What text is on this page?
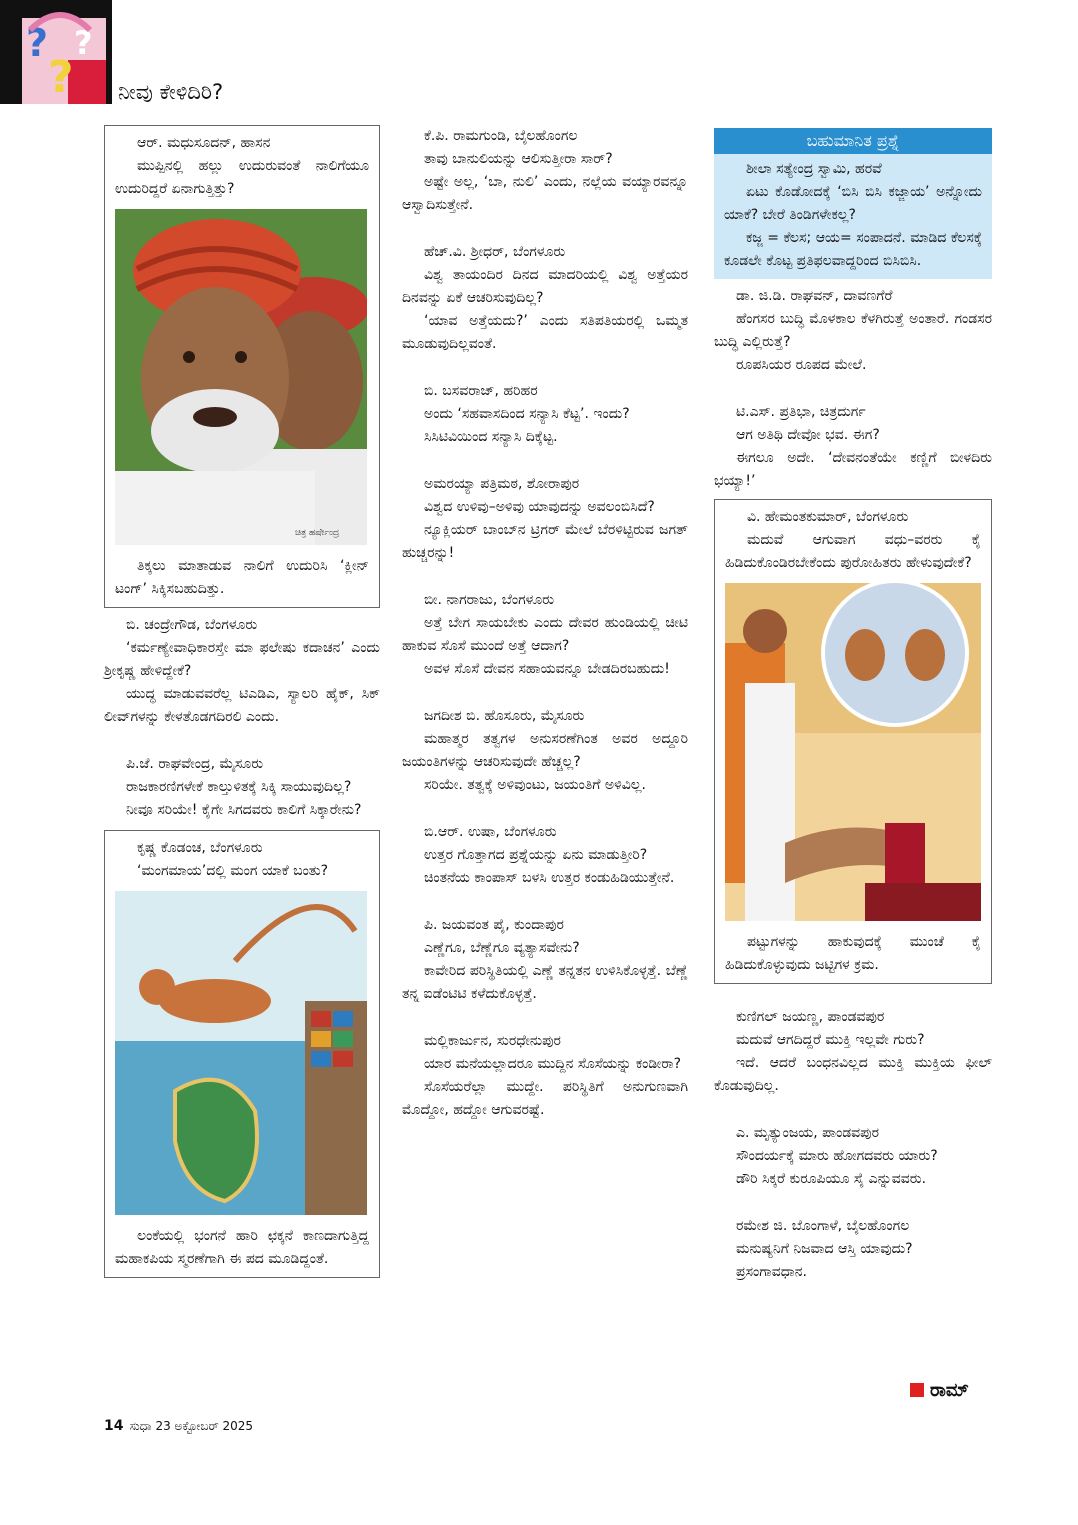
?
?
?
ನೀವು ಕೇಳಿದಿರಿ?
ಆರ್‌. ಮಧುಸೂದನ್‌, ಹಾಸನ
ಮುಪ್ಪಿನಲ್ಲಿ ಹಲ್ಲು ಉದುರುವಂತೆ ನಾಲಿಗೆಯೂ ಉದುರಿದ್ದರೆ ಏನಾಗುತ್ತಿತ್ತು?
ಚಿತ್ರ ಹರ್ಷೇಂದ್ರ
ತಿಕ್ಕಲು ಮಾತಾಡುವ ನಾಲಿಗೆ ಉದುರಿಸಿ ‘ಕ್ಲೀನ್‌ ಟಂಗ್‌’ ಸಿಕ್ಕಿಸಬಹುದಿತ್ತು.
ಬಿ. ಚಂದ್ರೇಗೌಡ, ಬೆಂಗಳೂರು
‘ಕರ್ಮಣ್ಯೇವಾಧಿಕಾರಸ್ತೇ ಮಾ ಫಲೇಷು ಕದಾಚನ’ ಎಂದು ಶ್ರೀಕೃಷ್ಣ ಹೇಳಿದ್ದೇಕೆ?
ಯುದ್ಧ ಮಾಡುವವರೆಲ್ಲ ಟಿಎಡಿಎ, ಸ್ಯಾಲರಿ ಹೈಕ್‌, ಸಿಕ್‌ ಲೀವ್‌ಗಳನ್ನು ಕೇಳತೊಡಗದಿರಲಿ ಎಂದು.
ಪಿ.ಜೆ. ರಾಘವೇಂದ್ರ, ಮೈಸೂರು
ರಾಜಕಾರಣಿಗಳೇಕೆ ಕಾಲ್ತುಳಿತಕ್ಕೆ ಸಿಕ್ಕಿ ಸಾಯುವುದಿಲ್ಲ?
ನೀವೂ ಸರಿಯೇ! ಕೈಗೇ ಸಿಗದವರು ಕಾಲಿಗೆ ಸಿಕ್ಕಾರೇನು?
ಕೃಷ್ಣ ಕೊಡಂಚ, ಬೆಂಗಳೂರು
‘ಮಂಗಮಾಯ’ದಲ್ಲಿ ಮಂಗ ಯಾಕೆ ಬಂತು?
ಲಂಕೆಯಲ್ಲಿ ಭಂಗನೆ ಹಾರಿ ಛಕ್ಕನೆ ಕಾಣದಾಗುತ್ತಿದ್ದ ಮಹಾಕಪಿಯ ಸ್ಮರಣೆಗಾಗಿ ಈ ಪದ ಮೂಡಿದ್ದಂತೆ.
ಕೆ.ಪಿ. ರಾಮಗುಂಡಿ, ಬೈಲಹೊಂಗಲ
ತಾವು ಬಾನುಲಿಯನ್ನು ಆಲಿಸುತ್ತೀರಾ ಸಾರ್‌?
ಅಷ್ಟೇ ಅಲ್ಲ, ‘ಬಾ, ನುಲಿ’ ಎಂದು, ನಲ್ಲೆಯ ವಯ್ಯಾರವನ್ನೂ ಆಸ್ವಾದಿಸುತ್ತೇನೆ.
ಹೆಚ್‌.ವಿ. ಶ್ರೀಧರ್‌, ಬೆಂಗಳೂರು
ವಿಶ್ವ ತಾಯಂದಿರ ದಿನದ ಮಾದರಿಯಲ್ಲಿ ವಿಶ್ವ ಅತ್ತೆಯರ ದಿನವನ್ನು ಏಕೆ ಆಚರಿಸುವುದಿಲ್ಲ?
‘ಯಾವ ಅತ್ತೆಯದು?’ ಎಂದು ಸತಿಪತಿಯರಲ್ಲಿ ಒಮ್ಮತ ಮೂಡುವುದಿಲ್ಲವಂತೆ.
ಬಿ. ಬಸವರಾಜ್‌, ಹರಿಹರ
ಅಂದು ‘ಸಹವಾಸದಿಂದ ಸನ್ಯಾಸಿ ಕೆಟ್ಟ’. ಇಂದು?
ಸಿಸಿಟಿವಿಯಿಂದ ಸನ್ಯಾಸಿ ದಿಕ್ಕೆಟ್ಟ.
ಅಮರಯ್ಯಾ ಪತ್ರಿಮಠ, ಶೋರಾಪುರ
ವಿಶ್ವದ ಉಳಿವು–ಅಳಿವು ಯಾವುದನ್ನು ಅವಲಂಬಿಸಿದೆ?
ನ್ಯೂಕ್ಲಿಯರ್‌ ಬಾಂಬ್‌ನ ಟ್ರಿಗರ್‌ ಮೇಲೆ ಬೆರಳಿಟ್ಟಿರುವ ಜಗತ್‌ ಹುಚ್ಚರನ್ನು!
ಬೀ. ನಾಗರಾಜು, ಬೆಂಗಳೂರು
ಅತ್ತೆ ಬೇಗ ಸಾಯಬೇಕು ಎಂದು ದೇವರ ಹುಂಡಿಯಲ್ಲಿ ಚೀಟಿ ಹಾಕುವ ಸೊಸೆ ಮುಂದೆ ಅತ್ತೆ ಆದಾಗ?
ಅವಳ ಸೊಸೆ ದೇವನ ಸಹಾಯವನ್ನೂ ಬೇಡದಿರಬಹುದು!
ಜಗದೀಶ ಬಿ. ಹೊಸೂರು, ಮೈಸೂರು
ಮಹಾತ್ಮರ ತತ್ವಗಳ ಅನುಸರಣೆಗಿಂತ ಅವರ ಅದ್ದೂರಿ ಜಯಂತಿಗಳನ್ನು ಆಚರಿಸುವುದೇ ಹೆಚ್ಚಲ್ಲ?
ಸರಿಯೇ. ತತ್ವಕ್ಕೆ ಅಳಿವುಂಟು, ಜಯಂತಿಗೆ ಅಳಿವಿಲ್ಲ.
ಬಿ.ಆರ್‌. ಉಷಾ, ಬೆಂಗಳೂರು
ಉತ್ತರ ಗೊತ್ತಾಗದ ಪ್ರಶ್ನೆಯನ್ನು ಏನು ಮಾಡುತ್ತೀರಿ?
ಚಿಂತನೆಯ ಕಾಂಪಾಸ್‌ ಬಳಸಿ ಉತ್ತರ ಕಂಡುಹಿಡಿಯುತ್ತೇನೆ.
ಪಿ. ಜಯವಂತ ಪೈ, ಕುಂದಾಪುರ
ಎಣ್ಣೆಗೂ, ಬೆಣ್ಣೆಗೂ ವ್ಯತ್ಯಾಸವೇನು?
ಕಾವೇರಿದ ಪರಿಸ್ಥಿತಿಯಲ್ಲಿ ಎಣ್ಣೆ ತನ್ನತನ ಉಳಿಸಿಕೊಳ್ಳತ್ತೆ. ಬೆಣ್ಣೆ ತನ್ನ ಐಡೆಂಟಿಟಿ ಕಳೆದುಕೊಳ್ಳತ್ತೆ.
ಮಲ್ಲಿಕಾರ್ಜುನ, ಸುರಧೇನುಪುರ
ಯಾರ ಮನೆಯಲ್ಲಾದರೂ ಮುದ್ದಿನ ಸೊಸೆಯನ್ನು ಕಂಡೀರಾ?
ಸೊಸೆಯರೆಲ್ಲಾ ಮುದ್ದೇ. ಪರಿಸ್ಥಿತಿಗೆ ಅನುಗುಣವಾಗಿ ಮೊದ್ದೋ, ಹದ್ದೋ ಆಗುವರಷ್ಟೆ.
ಬಹುಮಾನಿತ ಪ್ರಶ್ನೆ
ಶೀಲಾ ಸತ್ಯೇಂದ್ರ ಸ್ವಾಮಿ, ಹರವೆ
ಏಟು ಕೊಡೋದಕ್ಕೆ ‘ಬಿಸಿ ಬಿಸಿ ಕಜ್ಜಾಯ’ ಅನ್ನೋದು ಯಾಕೆ? ಬೇರೆ ತಿಂಡಿಗಳೇಕಲ್ಲ?
ಕಜ್ಜ = ಕೆಲಸ; ಆಯ= ಸಂಪಾದನೆ. ಮಾಡಿದ ಕೆಲಸಕ್ಕೆ ಕೂಡಲೇ ಕೊಟ್ಟ ಪ್ರತಿಫಲವಾದ್ದರಿಂದ ಬಿಸಿಬಿಸಿ.
ಡಾ. ಜಿ.ಡಿ. ರಾಘವನ್‌, ದಾವಣಗೆರೆ
ಹೆಂಗಸರ ಬುದ್ಧಿ ಮೊಳಕಾಲ ಕೆಳಗಿರುತ್ತೆ ಅಂತಾರೆ. ಗಂಡಸರ ಬುದ್ಧಿ ಎಲ್ಲಿರುತ್ತೆ?
ರೂಪಸಿಯರ ರೂಪದ ಮೇಲೆ.
ಟಿ.ಎಸ್‌. ಪ್ರತಿಭಾ, ಚಿತ್ರದುರ್ಗ
ಆಗ ಅತಿಥಿ ದೇವೋ ಭವ. ಈಗ?
ಈಗಲೂ ಅದೇ. ‘ದೇವನಂತೆಯೇ ಕಣ್ಣಿಗೆ ಬೀಳದಿರು ಭಯ್ಯಾ!’
ವಿ. ಹೇಮಂತಕುಮಾರ್‌, ಬೆಂಗಳೂರು
ಮದುವೆ ಆಗುವಾಗ ವಧು–ವರರು ಕೈ ಹಿಡಿದುಕೊಂಡಿರಬೇಕೆಂದು ಪುರೋಹಿತರು ಹೇಳುವುದೇಕೆ?
ಪಟ್ಟುಗಳನ್ನು ಹಾಕುವುದಕ್ಕೆ ಮುಂಚೆ ಕೈ ಹಿಡಿದುಕೊಳ್ಳುವುದು ಜಟ್ಟಿಗಳ ಕ್ರಮ.
ಕುಣಿಗಲ್‌ ಜಯಣ್ಣ, ಪಾಂಡವಪುರ
ಮದುವೆ ಆಗದಿದ್ದರೆ ಮುಕ್ತಿ ಇಲ್ಲವೇ ಗುರು?
ಇದೆ. ಆದರೆ ಬಂಧನವಿಲ್ಲದ ಮುಕ್ತಿ ಮುಕ್ತಿಯ ಫೀಲ್‌ ಕೊಡುವುದಿಲ್ಲ.
ಎ. ಮೃತ್ಯುಂಜಯ, ಪಾಂಡವಪುರ
ಸೌಂದರ್ಯಕ್ಕೆ ಮಾರು ಹೋಗದವರು ಯಾರು?
ಡೌರಿ ಸಿಕ್ಕರೆ ಕುರೂಪಿಯೂ ಸೈ ಎನ್ನುವವರು.
ರಮೇಶ ಜಿ. ಬೊಂಗಾಳೆ, ಬೈಲಹೊಂಗಲ
ಮನುಷ್ಯನಿಗೆ ನಿಜವಾದ ಆಸ್ತಿ ಯಾವುದು?
ಪ್ರಸಂಗಾವಧಾನ.
ರಾಮ್‌
14 ಸುಧಾ 23 ಅಕ್ಟೋಬರ್‌ 2025
